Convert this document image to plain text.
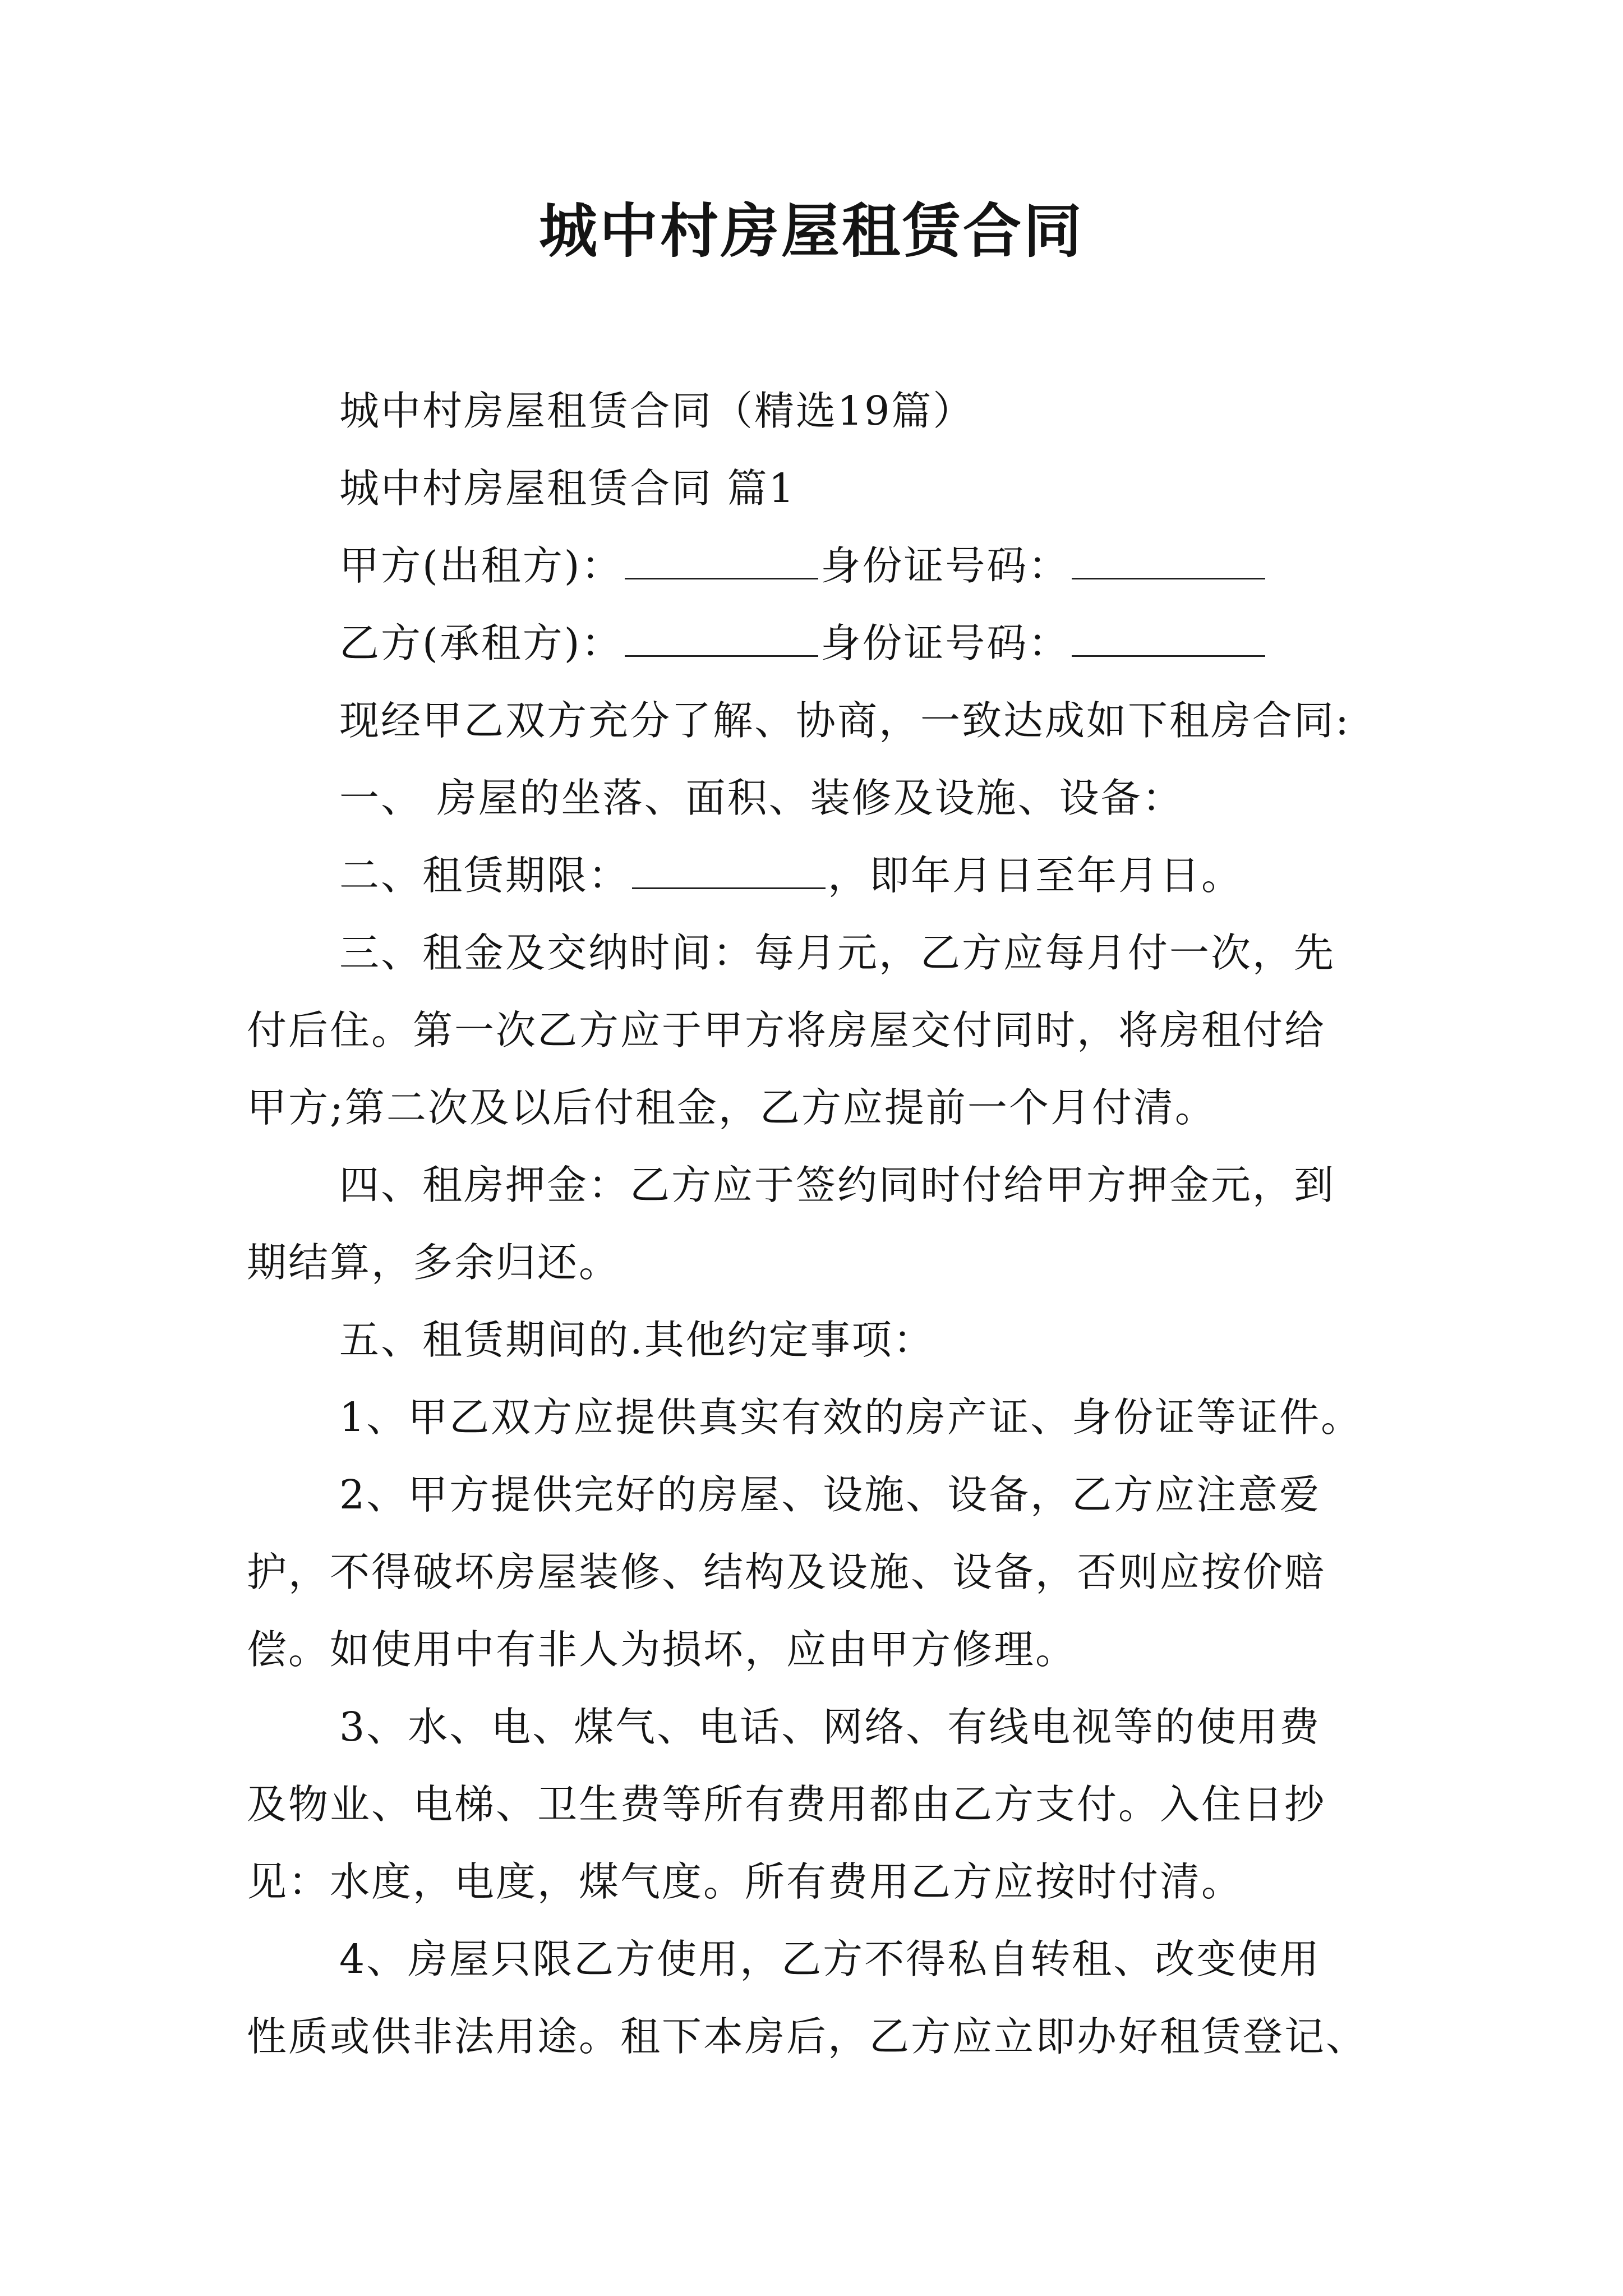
城中村房屋租赁合同
城中村房屋租赁合同（精选19篇）
城中村房屋租赁合同 篇1
甲方(出租方)：	身份证号码：
乙方(承租方)：	身份证号码：
现经甲乙双方充分了解、协商，一致达成如下租房合同:
一、 房屋的坐落、面积、装修及设施、设备：
二、租赁期限：	，即年月日至年月日。
三、租金及交纳时间：每月元，乙方应每月付一次，先
付后住。第一次乙方应于甲方将房屋交付同时，将房租付给
甲方;第二次及以后付租金，乙方应提前一个月付清。
四、租房押金：乙方应于签约同时付给甲方押金元，到
期结算，多余归还。
五、租赁期间的.其他约定事项：
1、甲乙双方应提供真实有效的房产证、身份证等证件。
2、甲方提供完好的房屋、设施、设备，乙方应注意爱
护，不得破坏房屋装修、结构及设施、设备，否则应按价赔
偿。如使用中有非人为损坏，应由甲方修理。
3、水、电、煤气、电话、网络、有线电视等的使用费
及物业、电梯、卫生费等所有费用都由乙方支付。入住日抄
见：水度，电度，煤气度。所有费用乙方应按时付清。
4、房屋只限乙方使用，乙方不得私自转租、改变使用
性质或供非法用途。租下本房后，乙方应立即办好租赁登记、
